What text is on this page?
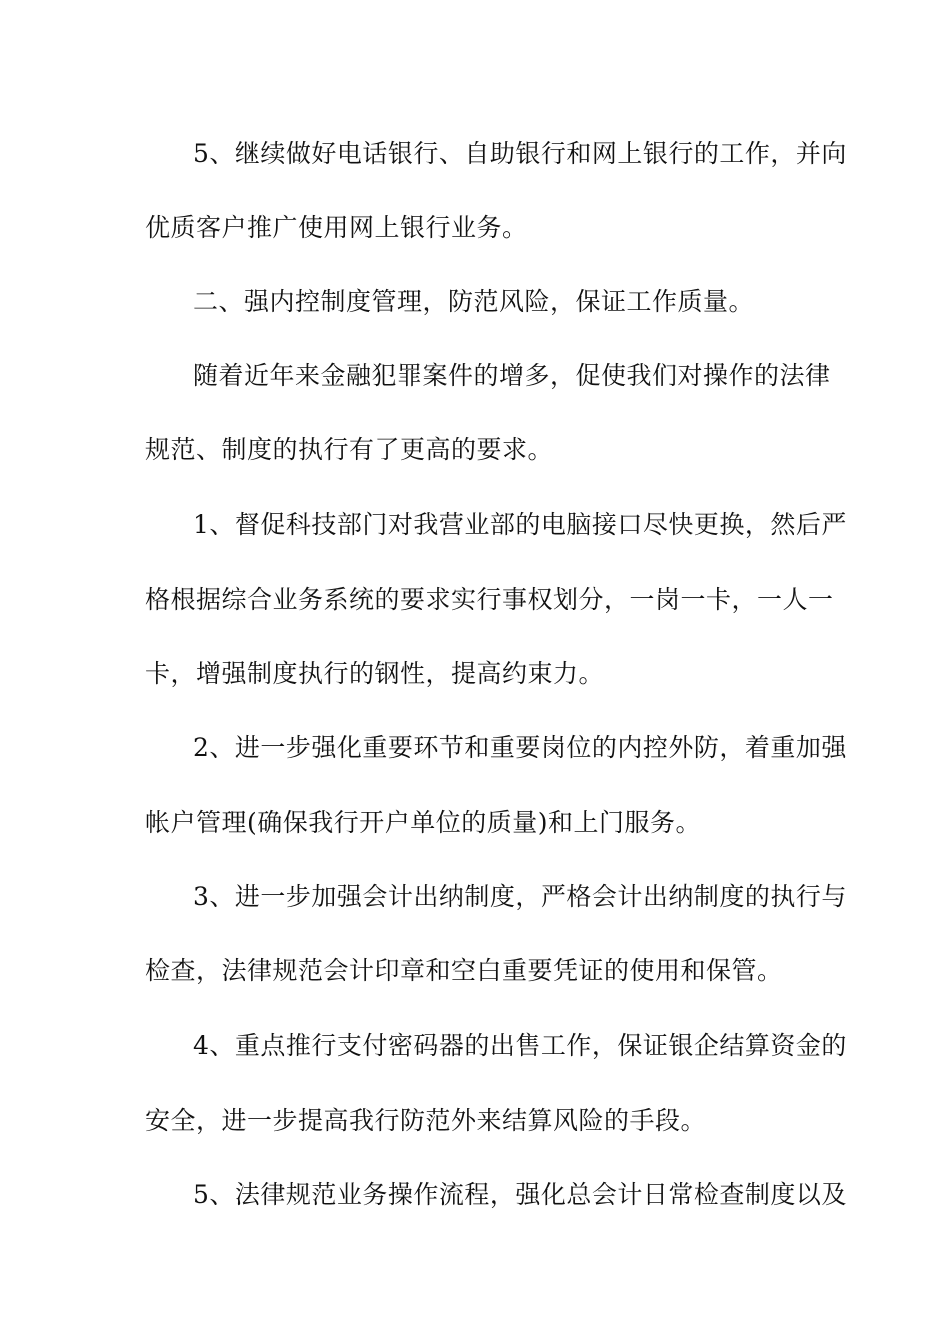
5、继续做好电话银行、自助银行和网上银行的工作，并向

优质客户推广使用网上银行业务。

二、强内控制度管理，防范风险，保证工作质量。

随着近年来金融犯罪案件的增多，促使我们对操作的法律

规范、制度的执行有了更高的要求。

1、督促科技部门对我营业部的电脑接口尽快更换，然后严

格根据综合业务系统的要求实行事权划分，一岗一卡，一人一

卡，增强制度执行的钢性，提高约束力。

2、进一步强化重要环节和重要岗位的内控外防，着重加强

帐户管理(确保我行开户单位的质量)和上门服务。

3、进一步加强会计出纳制度，严格会计出纳制度的执行与

检查，法律规范会计印章和空白重要凭证的使用和保管。

4、重点推行支付密码器的出售工作，保证银企结算资金的

安全，进一步提高我行防范外来结算风险的手段。

5、法律规范业务操作流程，强化总会计日常检查制度以及
